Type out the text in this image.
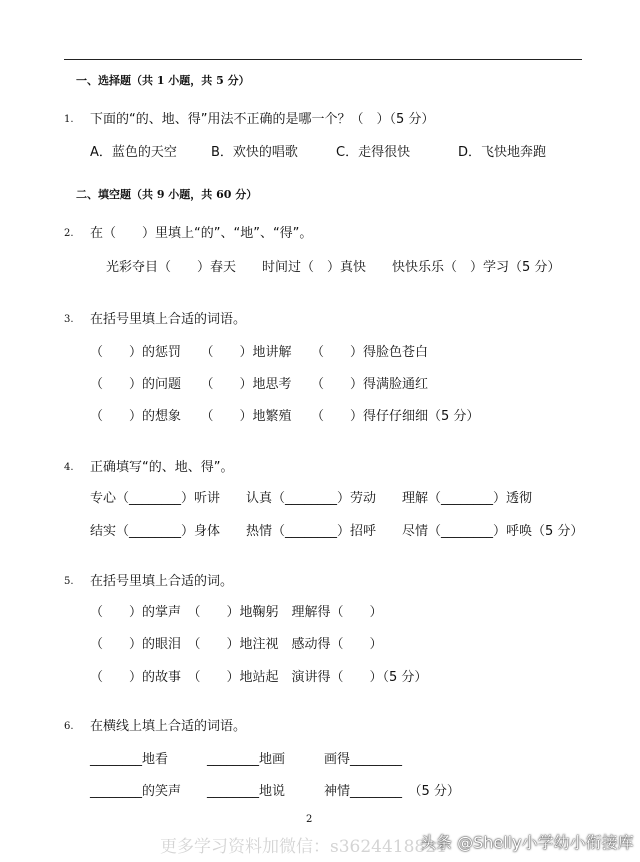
一、选择题（共 1 小题，共 5 分）
1. 下面的“的、地、得”用法不正确的是哪一个？（　）（5 分）
A．蓝色的天空	B．欢快的唱歌	C．走得很快	D．飞快地奔跑
二、填空题（共 9 小题，共 60 分）
2. 在（　　）里填上“的”、“地”、“得”。
光彩夺目（　　）春天　　时间过（　）真快　　快快乐乐（　）学习（5 分）
3. 在括号里填上合适的词语。
（　　）的惩罚　　（　　）地讲解　　（　　）得脸色苍白
（　　）的问题　　（　　）地思考　　（　　）得满脸通红
（　　）的想象　　（　　）地繁殖　　（　　）得仔仔细细（5 分）
4. 正确填写“的、地、得”。
专心（________）听讲　　认真（________）劳动　　理解（________）透彻
结实（________）身体　　热情（________）招呼　　尽情（________）呼唤（5 分）
5. 在括号里填上合适的词。
（　　）的掌声　（　　）地鞠躬　理解得（　　）
（　　）的眼泪　（　　）地注视　感动得（　　）
（　　）的故事　（　　）地站起　演讲得（　　）（5 分）
6. 在横线上填上合适的词语。
________地看　　　________地画　　　画得________
________的笑声　　________地说　　　神情________　（5 分）
2
更多学习资料加微信：s3624418821
头条 @Shelly小学幼小衔接库
